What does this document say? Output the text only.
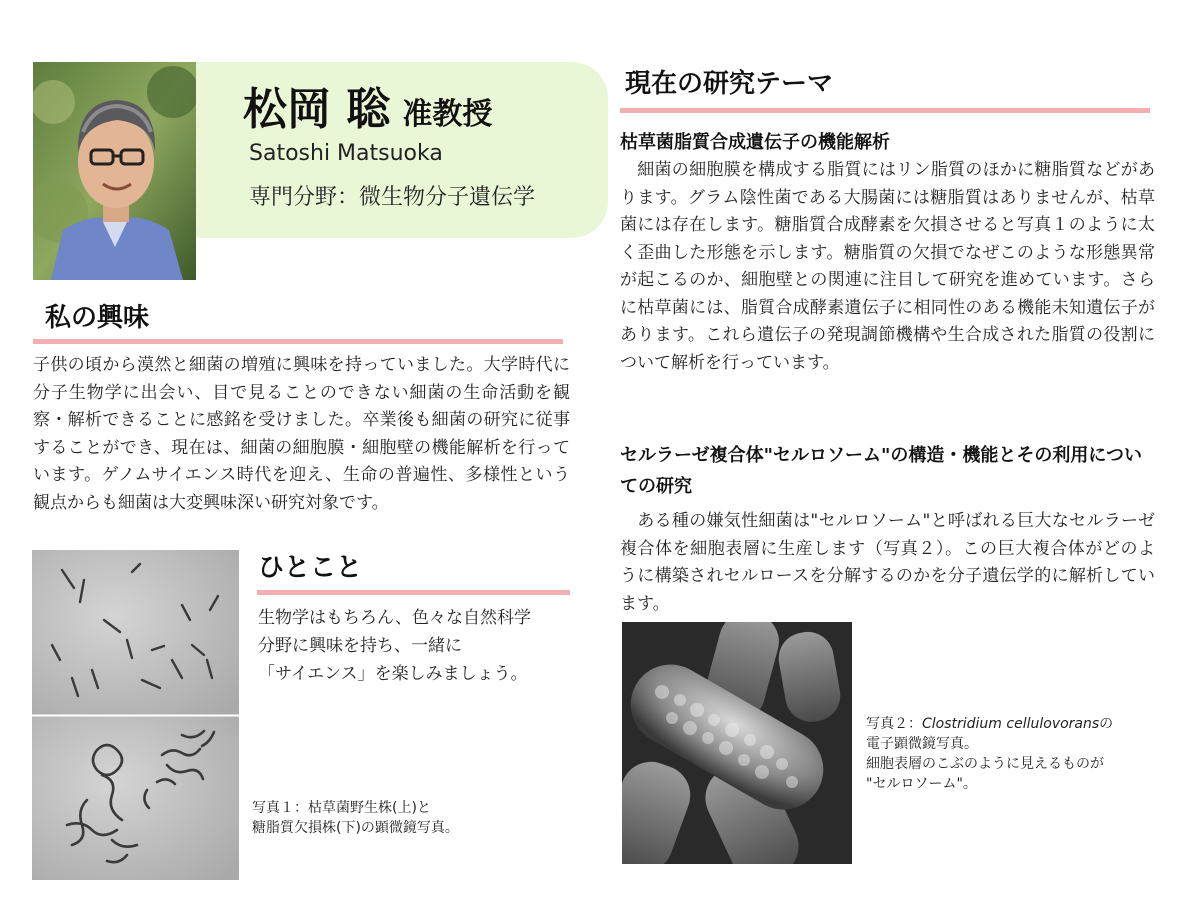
松岡 聡 准教授
Satoshi Matsuoka
専門分野：微生物分子遺伝学
私の興味
子供の頃から漠然と細菌の増殖に興味を持っていました。大学時代に分子生物学に出会い、目で見ることのできない細菌の生命活動を観察・解析できることに感銘を受けました。卒業後も細菌の研究に従事することができ、現在は、細菌の細胞膜・細胞壁の機能解析を行っています。ゲノムサイエンス時代を迎え、生命の普遍性、多様性という観点からも細菌は大変興味深い研究対象です。
ひとこと
生物学はもちろん、色々な自然科学
分野に興味を持ち、一緒に
「サイエンス」を楽しみましょう。
写真１：枯草菌野生株(上)と
糖脂質欠損株(下)の顕微鏡写真。
現在の研究テーマ
枯草菌脂質合成遺伝子の機能解析
　細菌の細胞膜を構成する脂質にはリン脂質のほかに糖脂質などがあります。グラム陰性菌である大腸菌には糖脂質はありませんが、枯草菌には存在します。糖脂質合成酵素を欠損させると写真１のように太く歪曲した形態を示します。糖脂質の欠損でなぜこのような形態異常が起こるのか、細胞壁との関連に注目して研究を進めています。さらに枯草菌には、脂質合成酵素遺伝子に相同性のある機能未知遺伝子があります。これら遺伝子の発現調節機構や生合成された脂質の役割について解析を行っています。
セルラーゼ複合体"セルロソーム"の構造・機能とその利用についての研究
　ある種の嫌気性細菌は"セルロソーム"と呼ばれる巨大なセルラーゼ複合体を細胞表層に生産します（写真２）。この巨大複合体がどのように構築されセルロースを分解するのかを分子遺伝学的に解析しています。
写真２：Clostridium cellulovoransの
電子顕微鏡写真。
細胞表層のこぶのように見えるものが
"セルロソーム"。
